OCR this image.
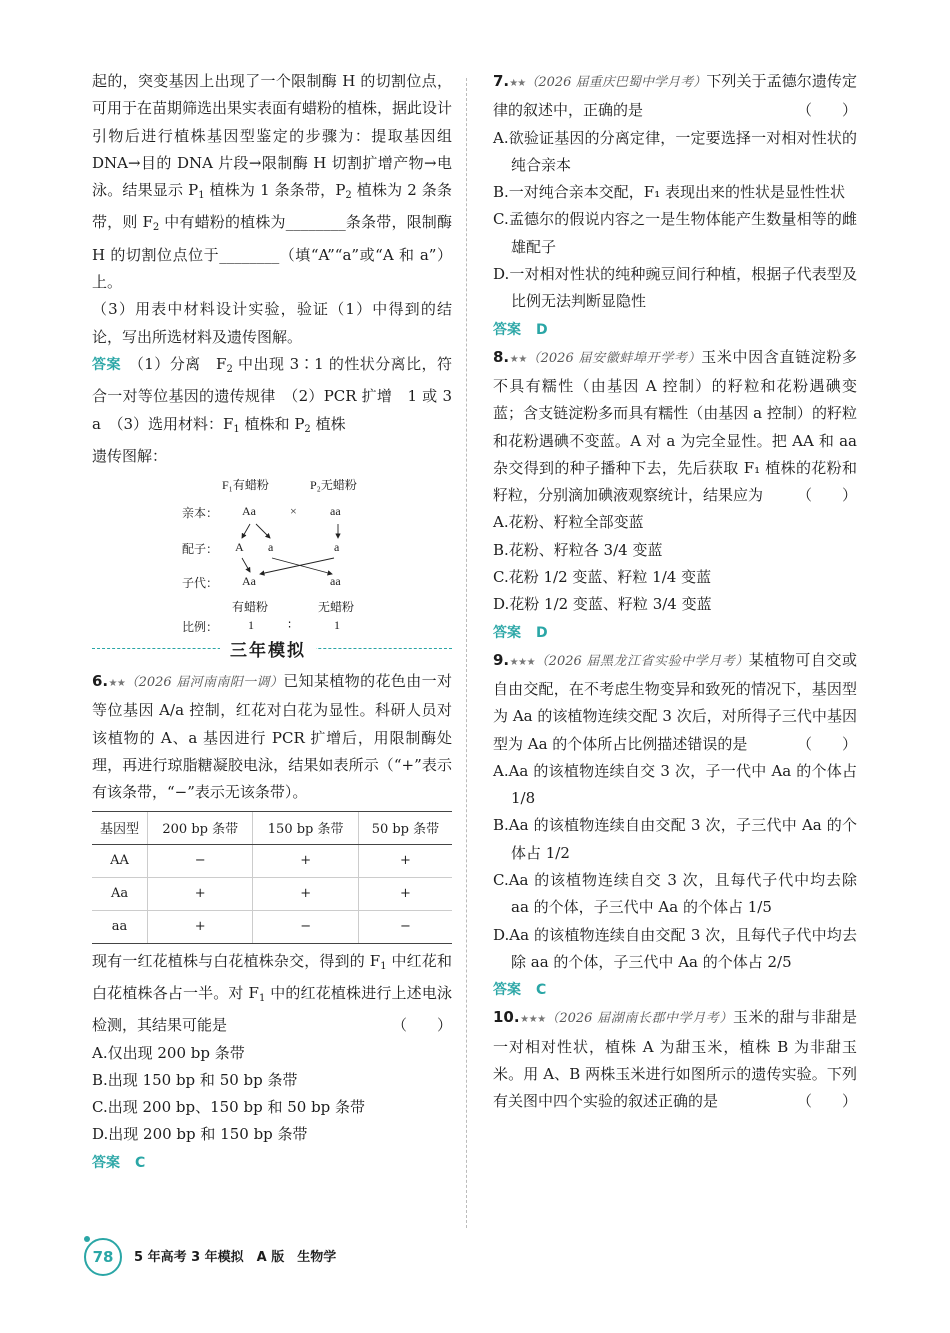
起的，突变基因上出现了一个限制酶 H 的切割位点，可用于在苗期筛选出果实表面有蜡粉的植株，据此设计引物后进行植株基因型鉴定的步骤为：提取基因组 DNA→目的 DNA 片段→限制酶 H 切割扩增产物→电泳。结果显示 $P_1$ 植株为 1 条条带，$P_2$ 植株为 2 条条带，则 $F_2$ 中有蜡粉的植株为________条条带，限制酶 H 的切割位点位于________（填“A”“a”或“A 和 a”）上。

（3）用表中材料设计实验，验证（1）中得到的结论，写出所选材料及遗传图解。

答案　 （1）分离　$F_2$ 中出现 3∶1 的性状分离比，符合一对等位基因的遗传规律　（2）PCR 扩增　1 或 3　a　（3）选用材料：$F_1$ 植株和 $P_2$ 植株

遗传图解：

F₁有蜡粉	P₂无蜡粉
亲本： Aa	×	aa
配子： A a	a
子代： Aa	aa
有蜡粉	无蜡粉
比例： 1	∶	1
三年模拟

6.★★（2026 届河南南阳一调）已知某植物的花色由一对等位基因 A/a 控制，红花对白花为显性。科研人员对该植物的 A、a 基因进行 PCR 扩增后，用限制酶处理，再进行琼脂糖凝胶电泳，结果如表所示（“+”表示有该条带，“−”表示无该条带）。

基因型	200 bp 条带	150 bp 条带	50 bp 条带
AA	−	+	+
Aa	+	+	+
aa	+	−	−

现有一红花植株与白花植株杂交，得到的 $F_1$ 中红花和白花植株各占一半。对 $F_1$ 中的红花植株进行上述电泳检测，其结果可能是	（　　）

A.仅出现 200 bp 条带

B.出现 150 bp 和 50 bp 条带

C.出现 200 bp、150 bp 和 50 bp 条带

D.出现 200 bp 和 150 bp 条带

答案　 C

7.★★（2026 届重庆巴蜀中学月考）下列关于孟德尔遗传定律的叙述中，正确的是	（　　）

A.欲验证基因的分离定律，一定要选择一对相对性状的纯合亲本

B.一对纯合亲本交配，F₁ 表现出来的性状是显性性状

C.孟德尔的假说内容之一是生物体能产生数量相等的雌雄配子

D.一对相对性状的纯种豌豆间行种植，根据子代表型及比例无法判断显隐性

答案　 D

8.★★（2026 届安徽蚌埠开学考）玉米中因含直链淀粉多不具有糯性（由基因 A 控制）的籽粒和花粉遇碘变蓝；含支链淀粉多而具有糯性（由基因 a 控制）的籽粒和花粉遇碘不变蓝。A 对 a 为完全显性。把 AA 和 aa 杂交得到的种子播种下去，先后获取 F₁ 植株的花粉和籽粒，分别滴加碘液观察统计，结果应为 （　　）

A.花粉、籽粒全部变蓝

B.花粉、籽粒各 3/4 变蓝

C.花粉 1/2 变蓝、籽粒 1/4 变蓝

D.花粉 1/2 变蓝、籽粒 3/4 变蓝

答案　 D

9.★★★（2026 届黑龙江省实验中学月考）某植物可自交或自由交配，在不考虑生物变异和致死的情况下，基因型为 Aa 的该植物连续交配 3 次后，对所得子三代中基因型为 Aa 的个体所占比例描述错误的是	（　　）

A.Aa 的该植物连续自交 3 次，子一代中 Aa 的个体占 1/8

B.Aa 的该植物连续自由交配 3 次，子三代中 Aa 的个体占 1/2

C.Aa 的该植物连续自交 3 次，且每代子代中均去除 aa 的个体，子三代中 Aa 的个体占 1/5

D.Aa 的该植物连续自由交配 3 次，且每代子代中均去除 aa 的个体，子三代中 Aa 的个体占 2/5

答案　 C

10.★★★（2026 届湖南长郡中学月考）玉米的甜与非甜是一对相对性状，植株 A 为甜玉米，植株 B 为非甜玉米。用 A、B 两株玉米进行如图所示的遗传实验。下列有关图中四个实验的叙述正确的是	（　　）

78	5 年高考 3 年模拟　A 版　生物学
